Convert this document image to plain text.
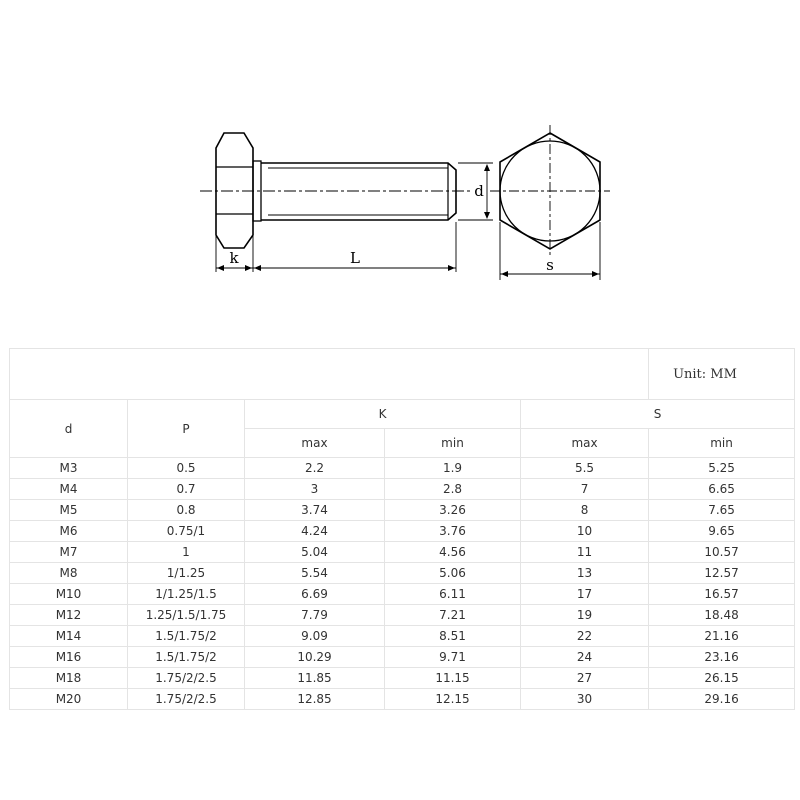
k	L
d
s
					Unit: MM
d	P	K		S	
		max	min	max	min
M3	0.5	2.2	1.9	5.5	5.25
M4	0.7	3	2.8	7	6.65
M5	0.8	3.74	3.26	8	7.65
M6	0.75/1	4.24	3.76	10	9.65
M7	1	5.04	4.56	11	10.57
M8	1/1.25	5.54	5.06	13	12.57
M10	1/1.25/1.5	6.69	6.11	17	16.57
M12	1.25/1.5/1.75	7.79	7.21	19	18.48
M14	1.5/1.75/2	9.09	8.51	22	21.16
M16	1.5/1.75/2	10.29	9.71	24	23.16
M18	1.75/2/2.5	11.85	11.15	27	26.15
M20	1.75/2/2.5	12.85	12.15	30	29.16
